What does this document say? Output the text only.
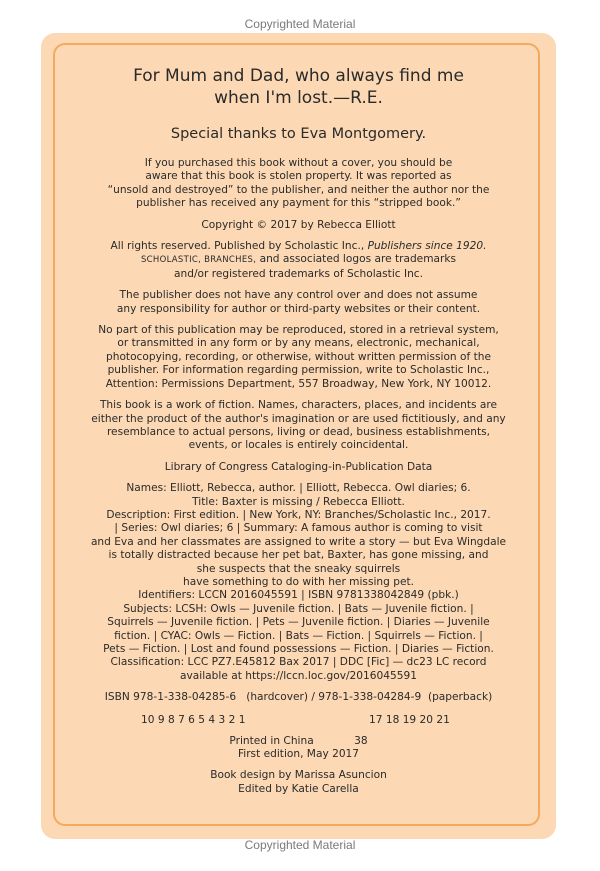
Copyrighted Material
For Mum and Dad, who always find me
when I'm lost.—R.E.
Special thanks to Eva Montgomery.
If you purchased this book without a cover, you should be
aware that this book is stolen property. It was reported as
“unsold and destroyed” to the publisher, and neither the author nor the
publisher has received any payment for this “stripped book.”
Copyright © 2017 by Rebecca Elliott
All rights reserved. Published by Scholastic Inc., Publishers since 1920.
SCHOLASTIC, BRANCHES, and associated logos are trademarks
and/or registered trademarks of Scholastic Inc.
The publisher does not have any control over and does not assume
any responsibility for author or third-party websites or their content.
No part of this publication may be reproduced, stored in a retrieval system,
or transmitted in any form or by any means, electronic, mechanical,
photocopying, recording, or otherwise, without written permission of the
publisher. For information regarding permission, write to Scholastic Inc.,
Attention: Permissions Department, 557 Broadway, New York, NY 10012.
This book is a work of fiction. Names, characters, places, and incidents are
either the product of the author's imagination or are used fictitiously, and any
resemblance to actual persons, living or dead, business establishments,
events, or locales is entirely coincidental.
Library of Congress Cataloging-in-Publication Data
Names: Elliott, Rebecca, author. | Elliott, Rebecca. Owl diaries; 6.
Title: Baxter is missing / Rebecca Elliott.
Description: First edition. | New York, NY: Branches/Scholastic Inc., 2017.
| Series: Owl diaries; 6 | Summary: A famous author is coming to visit
and Eva and her classmates are assigned to write a story — but Eva Wingdale
is totally distracted because her pet bat, Baxter, has gone missing, and
she suspects that the sneaky squirrels
have something to do with her missing pet.
Identifiers: LCCN 2016045591 | ISBN 9781338042849 (pbk.)
Subjects: LCSH: Owls — Juvenile fiction. | Bats — Juvenile fiction. |
Squirrels — Juvenile fiction. | Pets — Juvenile fiction. | Diaries — Juvenile
fiction. | CYAC: Owls — Fiction. | Bats — Fiction. | Squirrels — Fiction. |
Pets — Fiction. | Lost and found possessions — Fiction. | Diaries — Fiction.
Classification: LCC PZ7.E45812 Bax 2017 | DDC [Fic] — dc23 LC record
available at https://lccn.loc.gov/2016045591
ISBN 978-1-338-04285-6   (hardcover) / 978-1-338-04284-9  (paperback)
10 9 8 7 6 5 4 3 2 1	17 18 19 20 21
Printed in China            38
First edition, May 2017
Book design by Marissa Asuncion
Edited by Katie Carella
Copyrighted Material
